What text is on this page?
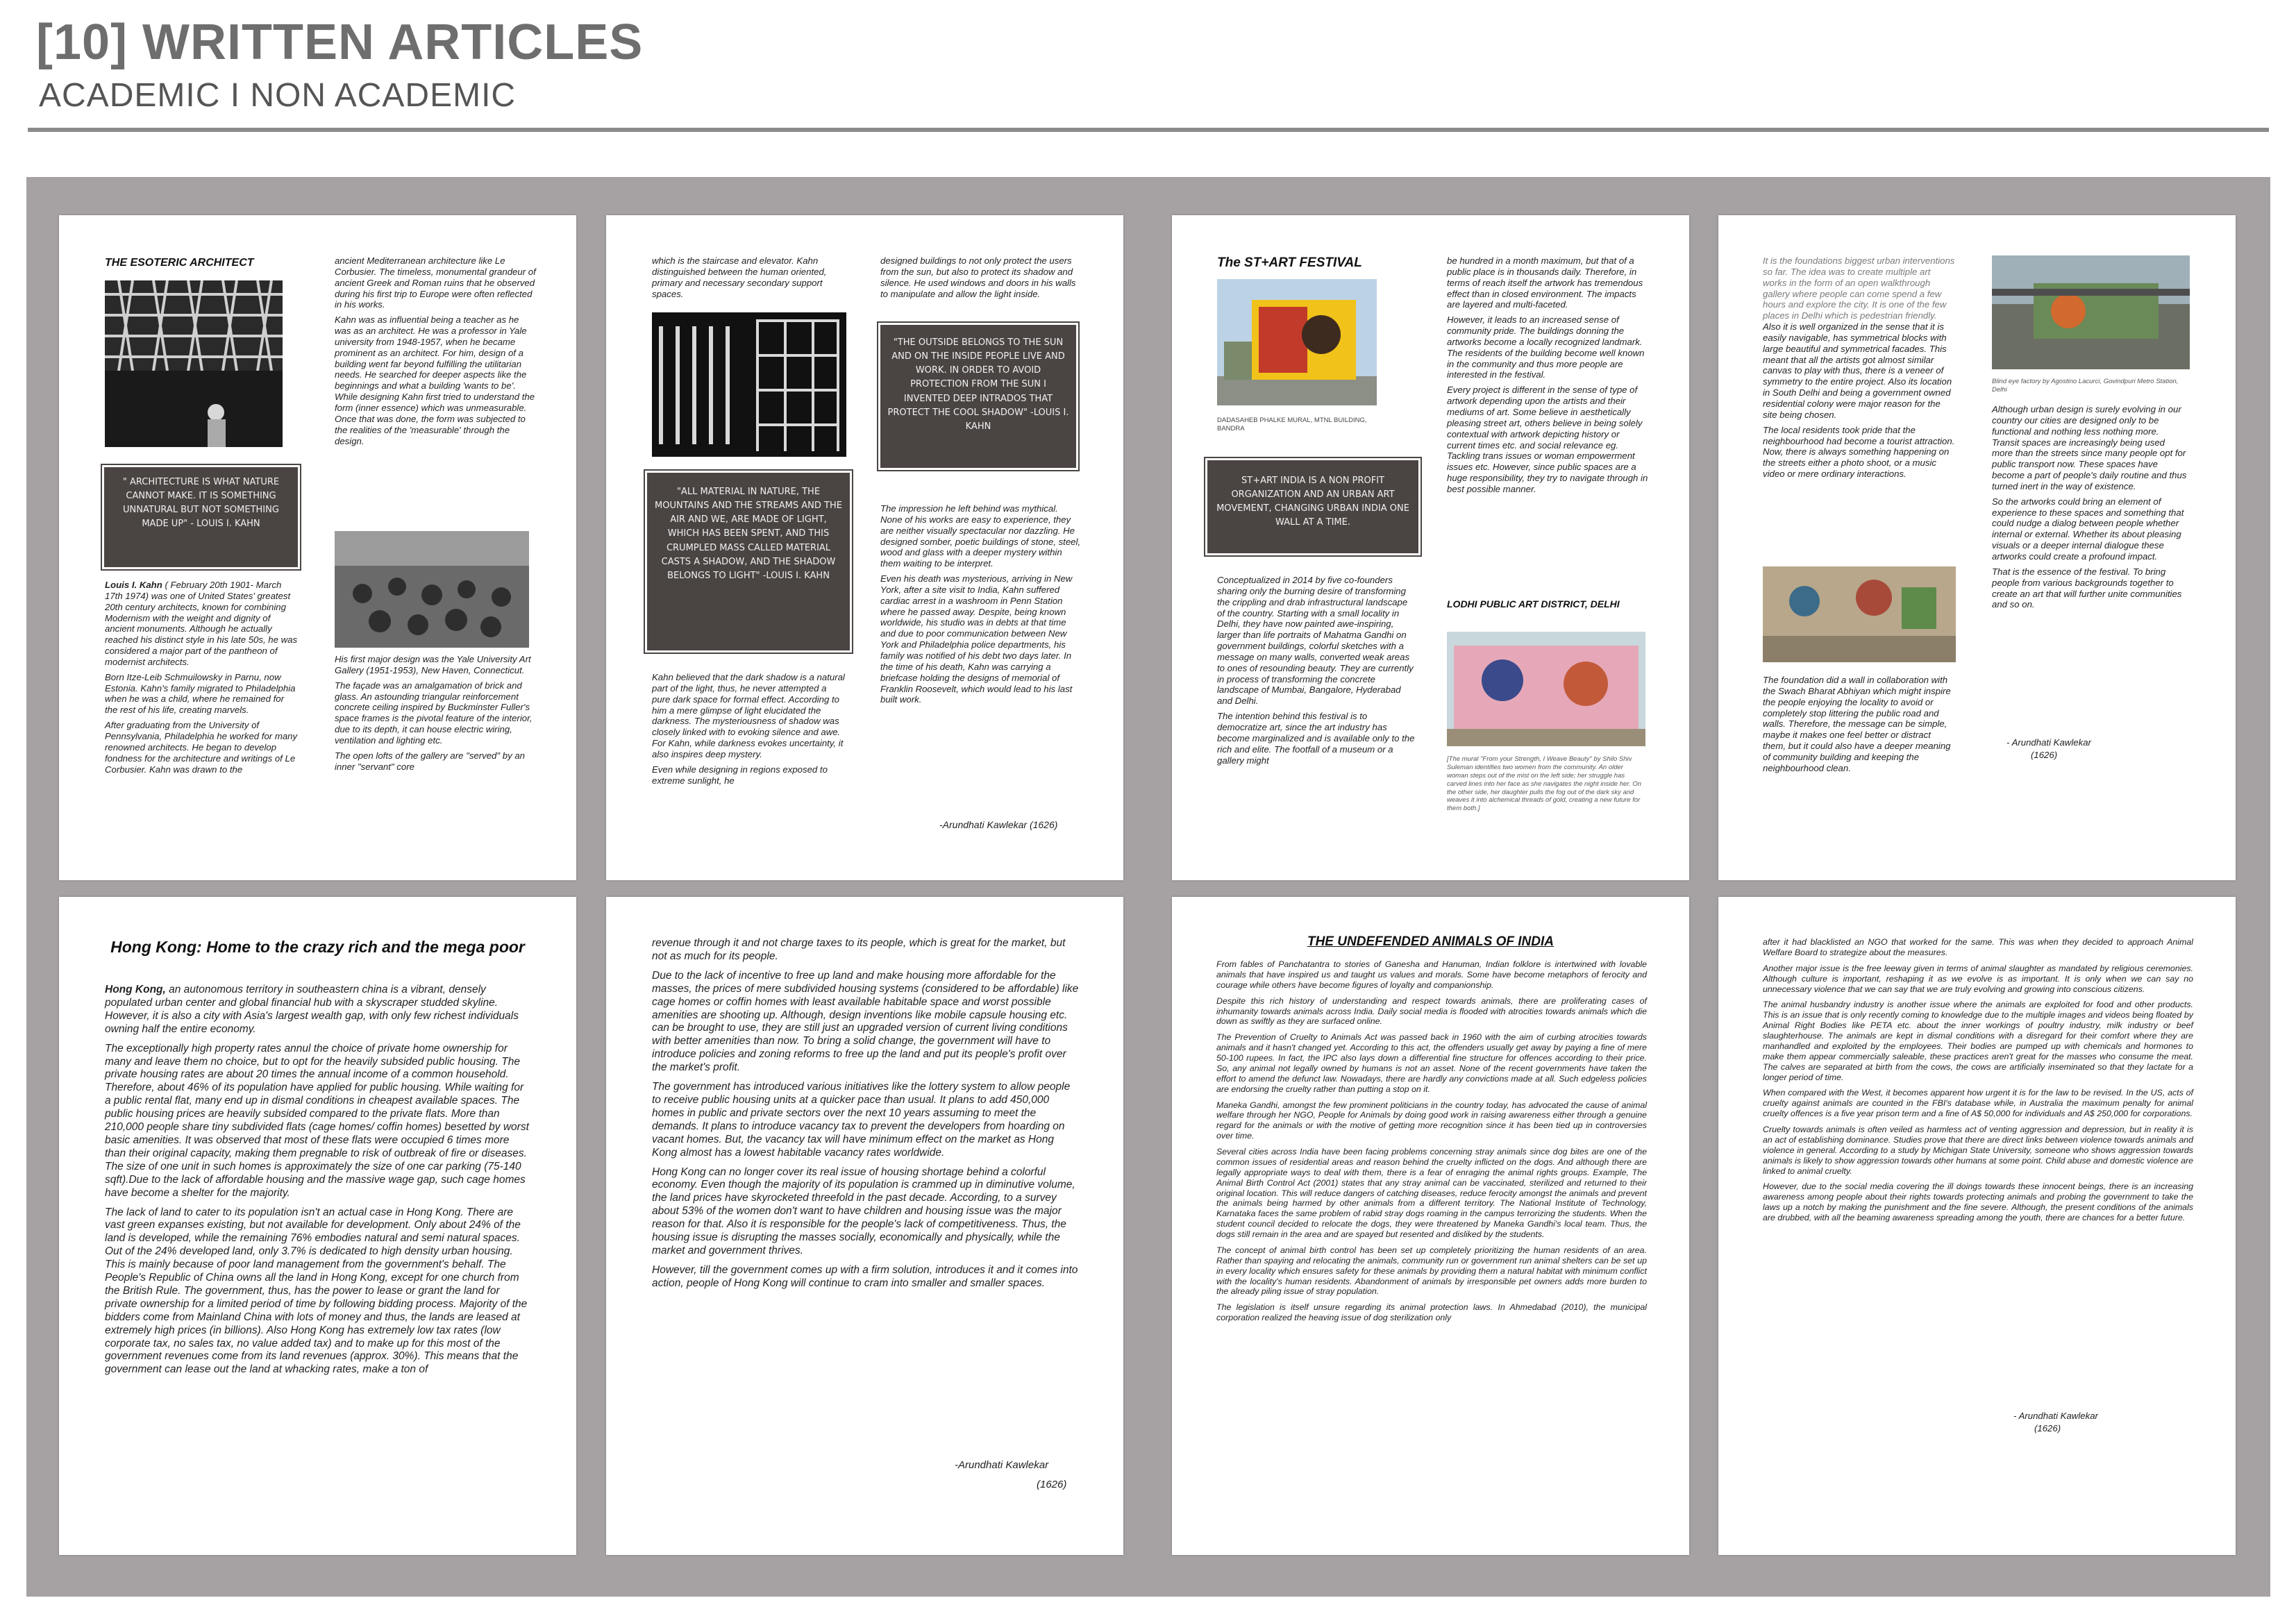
[10] WRITTEN ARTICLES
ACADEMIC I NON ACADEMIC
THE ESOTERIC ARCHITECT
" ARCHITECTURE IS WHAT NATURE CANNOT MAKE. IT IS SOMETHING UNNATURAL BUT NOT SOMETHING MADE UP" - LOUIS I. KAHN

Louis I. Kahn ( February 20th 1901- March 17th 1974) was one of United States' greatest 20th century architects, known for combining Modernism with the weight and dignity of ancient monuments. Although he actually reached his distinct style in his late 50s, he was considered a major part of the pantheon of modernist architects.

Born Itze-Leib Schmuilowsky in Parnu, now Estonia. Kahn's family migrated to Philadelphia when he was a child, where he remained for the rest of his life, creating marvels.

After graduating from the University of Pennsylvania, Philadelphia he worked for many renowned architects. He began to develop fondness for the architecture and writings of Le Corbusier. Kahn was drawn to the

ancient Mediterranean architecture like Le Corbusier. The timeless, monumental grandeur of ancient Greek and Roman ruins that he observed during his first trip to Europe were often reflected in his works.

Kahn was as influential being a teacher as he was as an architect. He was a professor in Yale university from 1948-1957, when he became prominent as an architect. For him, design of a building went far beyond fulfilling the utilitarian needs. He searched for deeper aspects like the beginnings and what a building 'wants to be'. While designing Kahn first tried to understand the form (inner essence) which was unmeasurable. Once that was done, the form was subjected to the realities of the 'measurable' through the design.

His first major design was the Yale University Art Gallery (1951-1953), New Haven, Connecticut.

The façade was an amalgamation of brick and glass. An astounding triangular reinforcement concrete ceiling inspired by Buckminster Fuller's space frames is the pivotal feature of the interior, due to its depth, it can house electric wiring, ventilation and lighting etc.

The open lofts of the gallery are "served" by an inner "servant" core

which is the staircase and elevator. Kahn distinguished between the human oriented, primary and necessary secondary support spaces.

"ALL MATERIAL IN NATURE, THE MOUNTAINS AND THE STREAMS AND THE AIR AND WE, ARE MADE OF LIGHT, WHICH HAS BEEN SPENT, AND THIS CRUMPLED MASS CALLED MATERIAL CASTS A SHADOW, AND THE SHADOW BELONGS TO LIGHT" -LOUIS I. KAHN

Kahn believed that the dark shadow is a natural part of the light, thus, he never attempted a pure dark space for formal effect. According to him a mere glimpse of light elucidated the darkness. The mysteriousness of shadow was closely linked with to evoking silence and awe. For Kahn, while darkness evokes uncertainty, it also inspires deep mystery.

Even while designing in regions exposed to extreme sunlight, he

designed buildings to not only protect the users from the sun, but also to protect its shadow and silence. He used windows and doors in his walls to manipulate and allow the light inside.

"THE OUTSIDE BELONGS TO THE SUN AND ON THE INSIDE PEOPLE LIVE AND WORK. IN ORDER TO AVOID PROTECTION FROM THE SUN I INVENTED DEEP INTRADOS THAT PROTECT THE COOL SHADOW" -LOUIS I. KAHN

The impression he left behind was mythical. None of his works are easy to experience, they are neither visually spectacular nor dazzling. He designed somber, poetic buildings of stone, steel, wood and glass with a deeper mystery within them waiting to be interpret.

Even his death was mysterious, arriving in New York, after a site visit to India, Kahn suffered cardiac arrest in a washroom in Penn Station where he passed away. Despite, being known worldwide, his studio was in debts at that time and due to poor communication between New York and Philadelphia police departments, his family was notified of his debt two days later. In the time of his death, Kahn was carrying a briefcase holding the designs of memorial of Franklin Roosevelt, which would lead to his last built work.

-Arundhati Kawlekar (1626)
The ST+ART FESTIVAL
DADASAHEB PHALKE MURAL, MTNL BUILDING, BANDRA
ST+ART INDIA IS A NON PROFIT ORGANIZATION AND AN URBAN ART MOVEMENT, CHANGING URBAN INDIA ONE WALL AT A TIME.

Conceptualized in 2014 by five co-founders sharing only the burning desire of transforming the crippling and drab infrastructural landscape of the country. Starting with a small locality in Delhi, they have now painted awe-inspiring, larger than life portraits of Mahatma Gandhi on government buildings, colorful sketches with a message on many walls, converted weak areas to ones of resounding beauty. They are currently in process of transforming the concrete landscape of Mumbai, Bangalore, Hyderabad and Delhi.

The intention behind this festival is to democratize art, since the art industry has become marginalized and is available only to the rich and elite. The footfall of a museum or a gallery might

be hundred in a month maximum, but that of a public place is in thousands daily. Therefore, in terms of reach itself the artwork has tremendous effect than in closed environment. The impacts are layered and multi-faceted.

However, it leads to an increased sense of community pride. The buildings donning the artworks become a locally recognized landmark. The residents of the building become well known in the community and thus more people are interested in the festival.

Every project is different in the sense of type of artwork depending upon the artists and their mediums of art. Some believe in aesthetically pleasing street art, others believe in being solely contextual with artwork depicting history or current times etc. and social relevance eg. Tackling trans issues or woman empowerment issues etc. However, since public spaces are a huge responsibility, they try to navigate through in best possible manner.

LODHI PUBLIC ART DISTRICT, DELHI
[The mural "From your Strength, I Weave Beauty" by Shilo Shiv Suleman identifies two women from the community. An older woman steps out of the mist on the left side; her struggle has carved lines into her face as she navigates the night inside her. On the other side, her daughter pulls the fog out of the dark sky and weaves it into alchemical threads of gold, creating a new future for them both.]

It is the foundations biggest urban interventions so far. The idea was to create multiple art works in the form of an open walkthrough gallery where people can come spend a few hours and explore the city. It is one of the few places in Delhi which is pedestrian friendly. Also it is well organized in the sense that it is easily navigable, has symmetrical blocks with large beautiful and symmetrical facades. This meant that all the artists got almost similar canvas to play with thus, there is a veneer of symmetry to the entire project. Also its location in South Delhi and being a government owned residential colony were major reason for the site being chosen.

The local residents took pride that the neighbourhood had become a tourist attraction. Now, there is always something happening on the streets either a photo shoot, or a music video or mere ordinary interactions.

The foundation did a wall in collaboration with the Swach Bharat Abhiyan which might inspire the people enjoying the locality to avoid or completely stop littering the public road and walls. Therefore, the message can be simple, maybe it makes one feel better or distract them, but it could also have a deeper meaning of community building and keeping the neighbourhood clean.

Blind eye factory by Agostino Lacurci, Govindpuri Metro Station, Delhi

Although urban design is surely evolving in our country our cities are designed only to be functional and nothing less nothing more. Transit spaces are increasingly being used more than the streets since many people opt for public transport now. These spaces have become a part of people's daily routine and thus turned inert in the way of existence.

So the artworks could bring an element of experience to these spaces and something that could nudge a dialog between people whether internal or external. Whether its about pleasing visuals or a deeper internal dialogue these artworks could create a profound impact.

That is the essence of the festival. To bring people from various backgrounds together to create an art that will further unite communities and so on.

- Arundhati Kawlekar
(1626)
Hong Kong: Home to the crazy rich and the mega poor

Hong Kong, an autonomous territory in southeastern china is a vibrant, densely populated urban center and global financial hub with a skyscraper studded skyline. However, it is also a city with Asia's largest wealth gap, with only few richest individuals owning half the entire economy.

The exceptionally high property rates annul the choice of private home ownership for many and leave them no choice, but to opt for the heavily subsided public housing. The private housing rates are about 20 times the annual income of a common household. Therefore, about 46% of its population have applied for public housing. While waiting for a public rental flat, many end up in dismal conditions in cheapest available spaces. The public housing prices are heavily subsided compared to the private flats. More than 210,000 people share tiny subdivided flats (cage homes/ coffin homes) besetted by worst basic amenities. It was observed that most of these flats were occupied 6 times more than their original capacity, making them pregnable to risk of outbreak of fire or diseases. The size of one unit in such homes is approximately the size of one car parking (75-140 sqft).Due to the lack of affordable housing and the massive wage gap, such cage homes have become a shelter for the majority.

The lack of land to cater to its population isn't an actual case in Hong Kong. There are vast green expanses existing, but not available for development. Only about 24% of the land is developed, while the remaining 76% embodies natural and semi natural spaces. Out of the 24% developed land, only 3.7% is dedicated to high density urban housing. This is mainly because of poor land management from the government's behalf. The People's Republic of China owns all the land in Hong Kong, except for one church from the British Rule. The government, thus, has the power to lease or grant the land for private ownership for a limited period of time by following bidding process. Majority of the bidders come from Mainland China with lots of money and thus, the lands are leased at extremely high prices (in billions). Also Hong Kong has extremely low tax rates (low corporate tax, no sales tax, no value added tax) and to make up for this most of the government revenues come from its land revenues (approx. 30%). This means that the government can lease out the land at whacking rates, make a ton of

revenue through it and not charge taxes to its people, which is great for the market, but not as much for its people.

Due to the lack of incentive to free up land and make housing more affordable for the masses, the prices of mere subdivided housing systems (considered to be affordable) like cage homes or coffin homes with least available habitable space and worst possible amenities are shooting up. Although, design inventions like mobile capsule housing etc. can be brought to use, they are still just an upgraded version of current living conditions with better amenities than now. To bring a solid change, the government will have to introduce policies and zoning reforms to free up the land and put its people's profit over the market's profit.

The government has introduced various initiatives like the lottery system to allow people to receive public housing units at a quicker pace than usual. It plans to add 450,000 homes in public and private sectors over the next 10 years assuming to meet the demands. It plans to introduce vacancy tax to prevent the developers from hoarding on vacant homes. But, the vacancy tax will have minimum effect on the market as Hong Kong almost has a lowest habitable vacancy rates worldwide.

Hong Kong can no longer cover its real issue of housing shortage behind a colorful economy. Even though the majority of its population is crammed up in diminutive volume, the land prices have skyrocketed threefold in the past decade. According, to a survey about 53% of the women don't want to have children and housing issue was the major reason for that. Also it is responsible for the people's lack of competitiveness. Thus, the housing issue is disrupting the masses socially, economically and physically, while the market and government thrives.

However, till the government comes up with a firm solution, introduces it and it comes into action, people of Hong Kong will continue to cram into smaller and smaller spaces.

-Arundhati Kawlekar
(1626)
THE UNDEFENDED ANIMALS OF INDIA

From fables of Panchatantra to stories of Ganesha and Hanuman, Indian folklore is intertwined with lovable animals that have inspired us and taught us values and morals. Some have become metaphors of ferocity and courage while others have become figures of loyalty and companionship.

Despite this rich history of understanding and respect towards animals, there are proliferating cases of inhumanity towards animals across India. Daily social media is flooded with atrocities towards animals which die down as swiftly as they are surfaced online.

The Prevention of Cruelty to Animals Act was passed back in 1960 with the aim of curbing atrocities towards animals and it hasn't changed yet. According to this act, the offenders usually get away by paying a fine of mere 50-100 rupees. In fact, the IPC also lays down a differential fine structure for offences according to their price. So, any animal not legally owned by humans is not an asset. None of the recent governments have taken the effort to amend the defunct law. Nowadays, there are hardly any convictions made at all. Such edgeless policies are endorsing the cruelty rather than putting a stop on it.

Maneka Gandhi, amongst the few prominent politicians in the country today, has advocated the cause of animal welfare through her NGO, People for Animals by doing good work in raising awareness either through a genuine regard for the animals or with the motive of getting more recognition since it has been tied up in controversies over time.

Several cities across India have been facing problems concerning stray animals since dog bites are one of the common issues of residential areas and reason behind the cruelty inflicted on the dogs. And although there are legally appropriate ways to deal with them, there is a fear of enraging the animal rights groups. Example, The Animal Birth Control Act (2001) states that any stray animal can be vaccinated, sterilized and returned to their original location. This will reduce dangers of catching diseases, reduce ferocity amongst the animals and prevent the animals being harmed by other animals from a different territory. The National Institute of Technology, Karnataka faces the same problem of rabid stray dogs roaming in the campus terrorizing the students. When the student council decided to relocate the dogs, they were threatened by Maneka Gandhi's local team. Thus, the dogs still remain in the area and are spayed but resented and disliked by the students.

The concept of animal birth control has been set up completely prioritizing the human residents of an area. Rather than spaying and relocating the animals, community run or government run animal shelters can be set up in every locality which ensures safety for these animals by providing them a natural habitat with minimum conflict with the locality's human residents. Abandonment of animals by irresponsible pet owners adds more burden to the already piling issue of stray population.

The legislation is itself unsure regarding its animal protection laws. In Ahmedabad (2010), the municipal corporation realized the heaving issue of dog sterilization only

after it had blacklisted an NGO that worked for the same. This was when they decided to approach Animal Welfare Board to strategize about the measures.

Another major issue is the free leeway given in terms of animal slaughter as mandated by religious ceremonies. Although culture is important, reshaping it as we evolve is as important. It is only when we can say no unnecessary violence that we can say that we are truly evolving and growing into conscious citizens.

The animal husbandry industry is another issue where the animals are exploited for food and other products. This is an issue that is only recently coming to knowledge due to the multiple images and videos being floated by Animal Right Bodies like PETA etc. about the inner workings of poultry industry, milk industry or beef slaughterhouse. The animals are kept in dismal conditions with a disregard for their comfort where they are manhandled and exploited by the employees. Their bodies are pumped up with chemicals and hormones to make them appear commercially saleable, these practices aren't great for the masses who consume the meat. The calves are separated at birth from the cows, the cows are artificially inseminated so that they lactate for a longer period of time.

When compared with the West, it becomes apparent how urgent it is for the law to be revised. In the US, acts of cruelty against animals are counted in the FBI's database while, in Australia the maximum penalty for animal cruelty offences is a five year prison term and a fine of A$ 50,000 for individuals and A$ 250,000 for corporations.

Cruelty towards animals is often veiled as harmless act of venting aggression and depression, but in reality it is an act of establishing dominance. Studies prove that there are direct links between violence towards animals and violence in general. According to a study by Michigan State University, someone who shows aggression towards animals is likely to show aggression towards other humans at some point. Child abuse and domestic violence are linked to animal cruelty.

However, due to the social media covering the ill doings towards these innocent beings, there is an increasing awareness among people about their rights towards protecting animals and probing the government to take the laws up a notch by making the punishment and the fine severe. Although, the present conditions of the animals are drubbed, with all the beaming awareness spreading among the youth, there are chances for a better future.

- Arundhati Kawlekar
(1626)
